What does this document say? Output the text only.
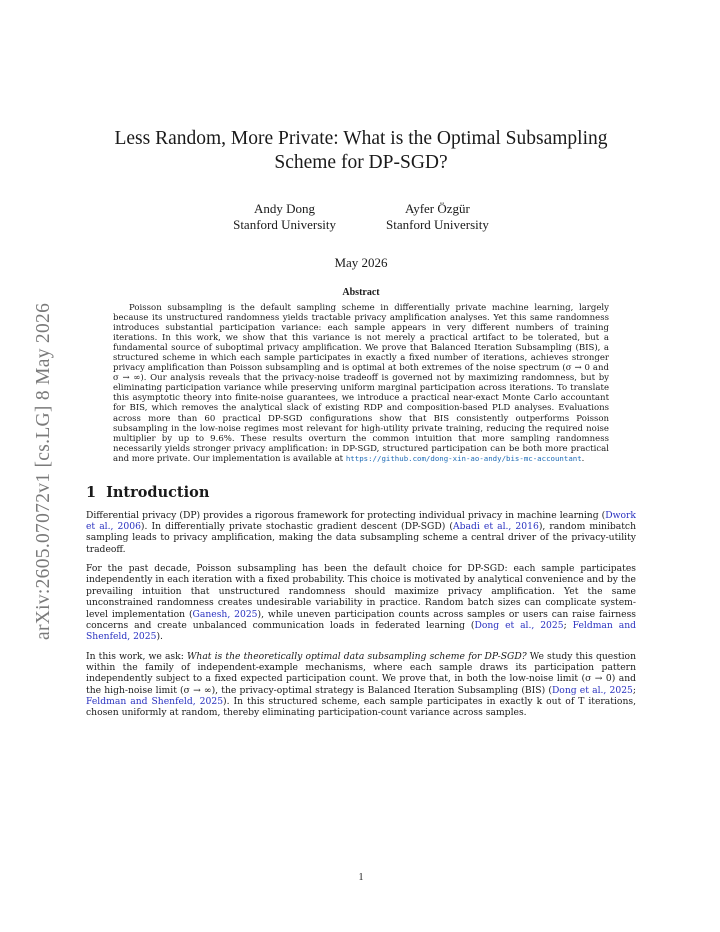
arXiv:2605.07072v1 [cs.LG] 8 May 2026
Less Random, More Private: What is the Optimal Subsampling
Scheme for DP-SGD?
Andy Dong
Stanford University
Ayfer Özgür
Stanford University
May 2026
Abstract
Poisson subsampling is the default sampling scheme in differentially private machine learning, largely because its unstructured randomness yields tractable privacy amplification analyses. Yet this same randomness introduces substantial participation variance: each sample appears in very different numbers of training iterations. In this work, we show that this variance is not merely a practical artifact to be tolerated, but a fundamental source of suboptimal privacy amplification. We prove that Balanced Iteration Subsampling (BIS), a structured scheme in which each sample participates in exactly a fixed number of iterations, achieves stronger privacy amplification than Poisson subsampling and is optimal at both extremes of the noise spectrum (σ → 0 and σ → ∞). Our analysis reveals that the privacy-noise tradeoff is governed not by maximizing randomness, but by eliminating participation variance while preserving uniform marginal participation across iterations. To translate this asymptotic theory into finite-noise guarantees, we introduce a practical near-exact Monte Carlo accountant for BIS, which removes the analytical slack of existing RDP and composition-based PLD analyses. Evaluations across more than 60 practical DP-SGD configurations show that BIS consistently outperforms Poisson subsampling in the low-noise regimes most relevant for high-utility private training, reducing the required noise multiplier by up to 9.6%. These results overturn the common intuition that more sampling randomness necessarily yields stronger privacy amplification: in DP-SGD, structured participation can be both more practical and more private. Our implementation is available at https://github.com/dong-xin-ao-andy/bis-mc-accountant.
1 Introduction
Differential privacy (DP) provides a rigorous framework for protecting individual privacy in machine learning (Dwork et al., 2006). In differentially private stochastic gradient descent (DP-SGD) (Abadi et al., 2016), random minibatch sampling leads to privacy amplification, making the data subsampling scheme a central driver of the privacy-utility tradeoff.
For the past decade, Poisson subsampling has been the default choice for DP-SGD: each sample participates independently in each iteration with a fixed probability. This choice is motivated by analytical convenience and by the prevailing intuition that unstructured randomness should maximize privacy amplification. Yet the same unconstrained randomness creates undesirable variability in practice. Random batch sizes can complicate system-level implementation (Ganesh, 2025), while uneven participation counts across samples or users can raise fairness concerns and create unbalanced communication loads in federated learning (Dong et al., 2025; Feldman and Shenfeld, 2025).
In this work, we ask: What is the theoretically optimal data subsampling scheme for DP-SGD? We study this question within the family of independent-example mechanisms, where each sample draws its participation pattern independently subject to a fixed expected participation count. We prove that, in both the low-noise limit (σ → 0) and the high-noise limit (σ → ∞), the privacy-optimal strategy is Balanced Iteration Subsampling (BIS) (Dong et al., 2025; Feldman and Shenfeld, 2025). In this structured scheme, each sample participates in exactly k out of T iterations, chosen uniformly at random, thereby eliminating participation-count variance across samples.
1
